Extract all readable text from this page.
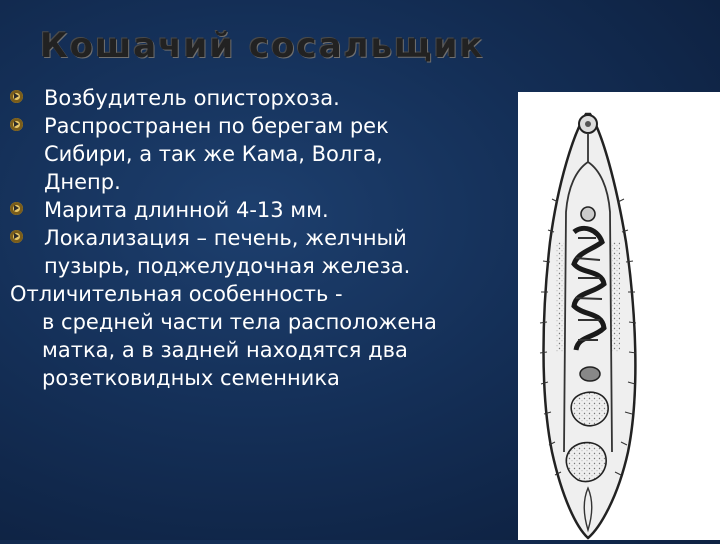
Кошачий сосальщик
Возбудитель описторхоза.
Распространен по берегам рек
Сибири, а так же Кама, Волга,
Днепр.
Марита длинной 4-13 мм.
Локализация – печень, желчный
пузырь, поджелудочная железа.

Отличительная особенность -

в средней части тела расположена

матка, а в задней находятся два

розетковидных семенника
